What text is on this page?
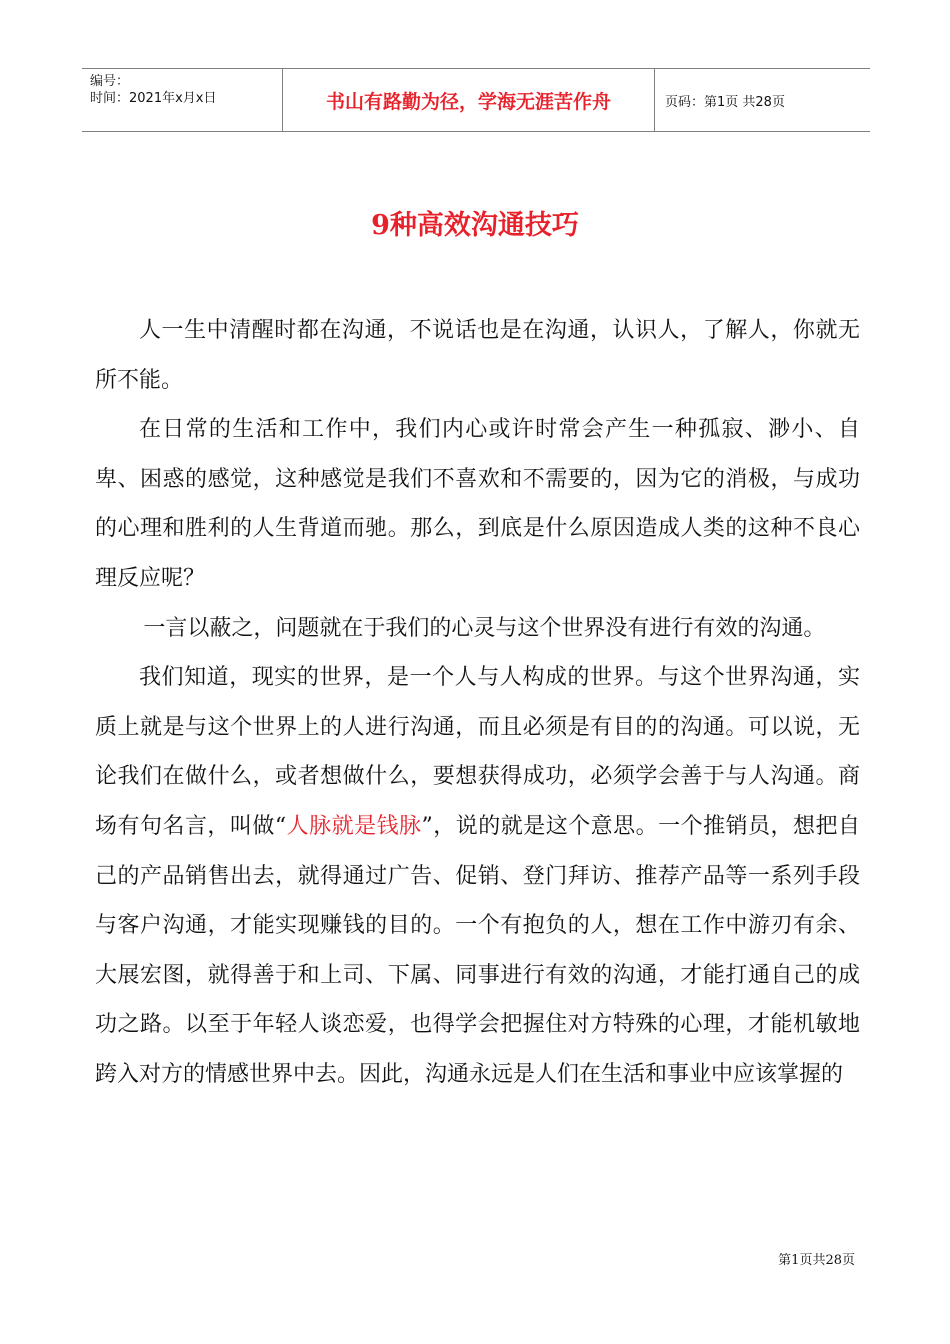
编号：
时间：2021年x月x日	书山有路勤为径，学海无涯苦作舟	页码：第1页 共28页
9种高效沟通技巧

人一生中清醒时都在沟通，不说话也是在沟通，认识人，了解人，你就无所不能。

在日常的生活和工作中，我们内心或许时常会产生一种孤寂、渺小、自卑、困惑的感觉，这种感觉是我们不喜欢和不需要的，因为它的消极，与成功的心理和胜利的人生背道而驰。那么，到底是什么原因造成人类的这种不良心理反应呢？

一言以蔽之，问题就在于我们的心灵与这个世界没有进行有效的沟通。

我们知道，现实的世界，是一个人与人构成的世界。与这个世界沟通，实质上就是与这个世界上的人进行沟通，而且必须是有目的的沟通。可以说，无论我们在做什么，或者想做什么，要想获得成功，必须学会善于与人沟通。商场有句名言，叫做“人脉就是钱脉”，说的就是这个意思。一个推销员，想把自己的产品销售出去，就得通过广告、促销、登门拜访、推荐产品等一系列手段与客户沟通，才能实现赚钱的目的。一个有抱负的人，想在工作中游刃有余、大展宏图，就得善于和上司、下属、同事进行有效的沟通，才能打通自己的成功之路。以至于年轻人谈恋爱，也得学会把握住对方特殊的心理，才能机敏地跨入对方的情感世界中去。因此，沟通永远是人们在生活和事业中应该掌握的

第1页共28页
